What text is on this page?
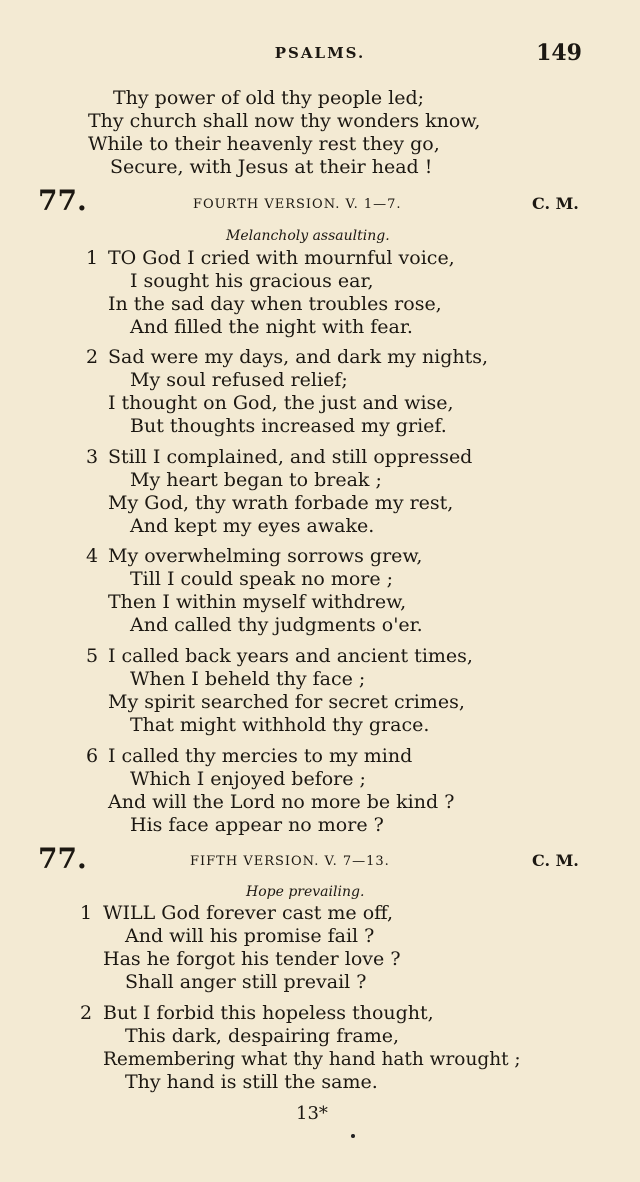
PSALMS.	149
Thy power of old thy people led;
Thy church shall now thy wonders know,
While to their heavenly rest they go,
Secure, with Jesus at their head !
77.	FOURTH VERSION. V. 1—7.	C. M.
Melancholy assaulting.
1 TO God I cried with mournful voice,
I sought his gracious ear,
In the sad day when troubles rose,
And filled the night with fear.
2 Sad were my days, and dark my nights,
My soul refused relief;
I thought on God, the just and wise,
But thoughts increased my grief.
3 Still I complained, and still oppressed
My heart began to break ;
My God, thy wrath forbade my rest,
And kept my eyes awake.
4 My overwhelming sorrows grew,
Till I could speak no more ;
Then I within myself withdrew,
And called thy judgments o'er.
5 I called back years and ancient times,
When I beheld thy face ;
My spirit searched for secret crimes,
That might withhold thy grace.
6 I called thy mercies to my mind
Which I enjoyed before ;
And will the Lord no more be kind ?
His face appear no more ?
77.	FIFTH VERSION. V. 7—13.	C. M.
Hope prevailing.
1 WILL God forever cast me off,
And will his promise fail ?
Has he forgot his tender love ?
Shall anger still prevail ?
2 But I forbid this hopeless thought,
This dark, despairing frame,
Remembering what thy hand hath wrought ;
Thy hand is still the same.
13*
